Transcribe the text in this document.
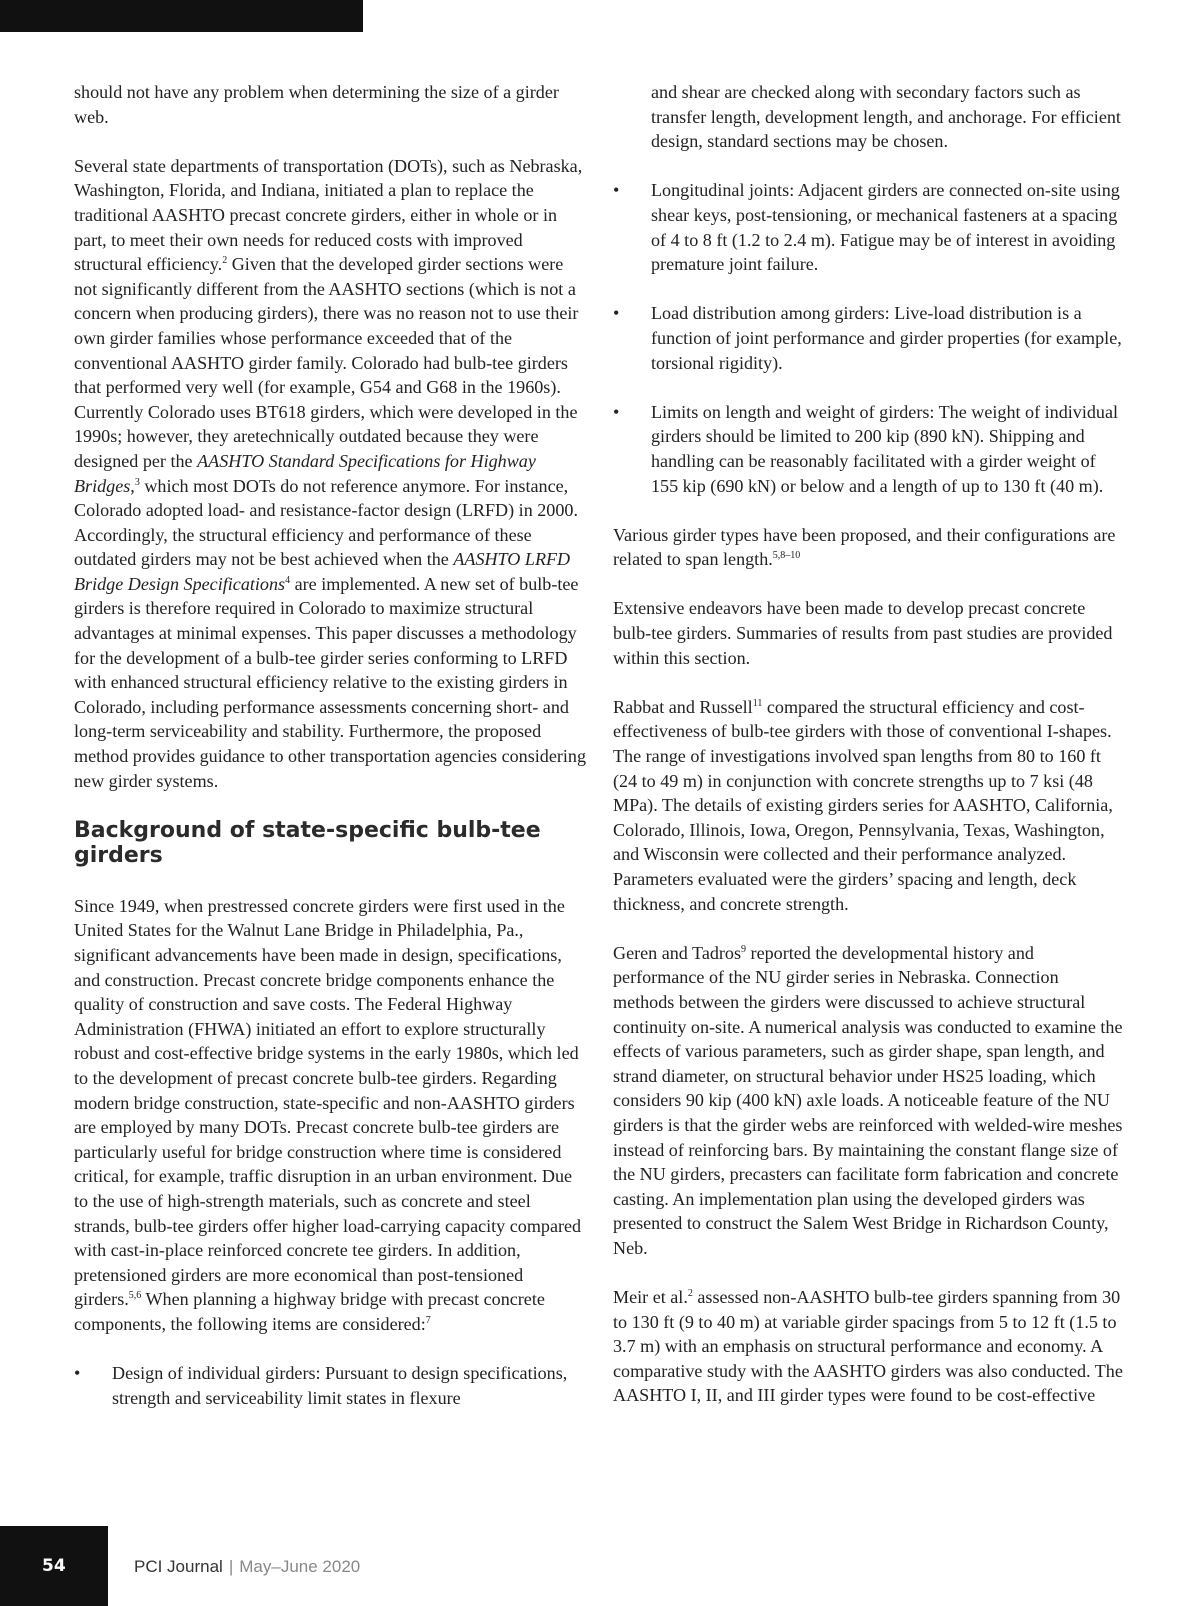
should not have any problem when determining the size of a girder web.

Several state departments of transportation (DOTs), such as Nebraska, Washington, Florida, and Indiana, initiated a plan to replace the traditional AASHTO precast concrete girders, either in whole or in part, to meet their own needs for reduced costs with improved structural efficiency.$^2$ Given that the developed girder sections were not significantly different from the AASHTO sections (which is not a concern when producing girders), there was no reason not to use their own girder families whose performance exceeded that of the conventional AASHTO girder family. Colorado had bulb-tee girders that performed very well (for example, G54 and G68 in the 1960s). Currently Colorado uses BT618 girders, which were developed in the 1990s; however, they aretechnically outdated because they were designed per the AASHTO Standard Specifications for Highway Bridges,$^3$ which most DOTs do not reference anymore. For instance, Colorado adopted load- and resistance-factor design (LRFD) in 2000. Accordingly, the structural efficiency and performance of these outdated girders may not be best achieved when the AASHTO LRFD Bridge Design Specifications$^4$ are implemented. A new set of bulb-tee girders is therefore required in Colorado to maximize structural advantages at minimal expenses. This paper discusses a methodology for the development of a bulb-tee girder series conforming to LRFD with enhanced structural efficiency relative to the existing girders in Colorado, including performance assessments concerning short- and long-term serviceability and stability. Furthermore, the proposed method provides guidance to other transportation agencies considering new girder systems.

Background of state-specific bulb-tee girders

Since 1949, when prestressed concrete girders were first used in the United States for the Walnut Lane Bridge in Philadelphia, Pa., significant advancements have been made in design, specifications, and construction. Precast concrete bridge components enhance the quality of construction and save costs. The Federal Highway Administration (FHWA) initiated an effort to explore structurally robust and cost-effective bridge systems in the early 1980s, which led to the development of precast concrete bulb-tee girders. Regarding modern bridge construction, state-specific and non-AASHTO girders are employed by many DOTs. Precast concrete bulb-tee girders are particularly useful for bridge construction where time is considered critical, for example, traffic disruption in an urban environment. Due to the use of high-strength materials, such as concrete and steel strands, bulb-tee girders offer higher load-carrying capacity compared with cast-in-place reinforced concrete tee girders. In addition, pretensioned girders are more economical than post-tensioned girders.$^{5,6}$ When planning a highway bridge with precast concrete components, the following items are considered:$^7$

• Design of individual girders: Pursuant to design specifications, strength and serviceability limit states in flexure
and shear are checked along with secondary factors such as transfer length, development length, and anchorage. For efficient design, standard sections may be chosen.
• Longitudinal joints: Adjacent girders are connected on-site using shear keys, post-tensioning, or mechanical fasteners at a spacing of 4 to 8 ft (1.2 to 2.4 m). Fatigue may be of interest in avoiding premature joint failure.
• Load distribution among girders: Live-load distribution is a function of joint performance and girder properties (for example, torsional rigidity).
• Limits on length and weight of girders: The weight of individual girders should be limited to 200 kip (890 kN). Shipping and handling can be reasonably facilitated with a girder weight of 155 kip (690 kN) or below and a length of up to 130 ft (40 m).

Various girder types have been proposed, and their configurations are related to span length.$^{5,8-10}$

Extensive endeavors have been made to develop precast concrete bulb-tee girders. Summaries of results from past studies are provided within this section.

Rabbat and Russell$^{11}$ compared the structural efficiency and cost-effectiveness of bulb-tee girders with those of conventional I-shapes. The range of investigations involved span lengths from 80 to 160 ft (24 to 49 m) in conjunction with concrete strengths up to 7 ksi (48 MPa). The details of existing girders series for AASHTO, California, Colorado, Illinois, Iowa, Oregon, Pennsylvania, Texas, Washington, and Wisconsin were collected and their performance analyzed. Parameters evaluated were the girders’ spacing and length, deck thickness, and concrete strength.

Geren and Tadros$^9$ reported the developmental history and performance of the NU girder series in Nebraska. Connection methods between the girders were discussed to achieve structural continuity on-site. A numerical analysis was conducted to examine the effects of various parameters, such as girder shape, span length, and strand diameter, on structural behavior under HS25 loading, which considers 90 kip (400 kN) axle loads. A noticeable feature of the NU girders is that the girder webs are reinforced with welded-wire meshes instead of reinforcing bars. By maintaining the constant flange size of the NU girders, precasters can facilitate form fabrication and concrete casting. An implementation plan using the developed girders was presented to construct the Salem West Bridge in Richardson County, Neb.

Meir et al.$^2$ assessed non-AASHTO bulb-tee girders spanning from 30 to 130 ft (9 to 40 m) at variable girder spacings from 5 to 12 ft (1.5 to 3.7 m) with an emphasis on structural performance and economy. A comparative study with the AASHTO girders was also conducted. The AASHTO I, II, and III girder types were found to be cost-effective

54	PCI Journal | May–June 2020
